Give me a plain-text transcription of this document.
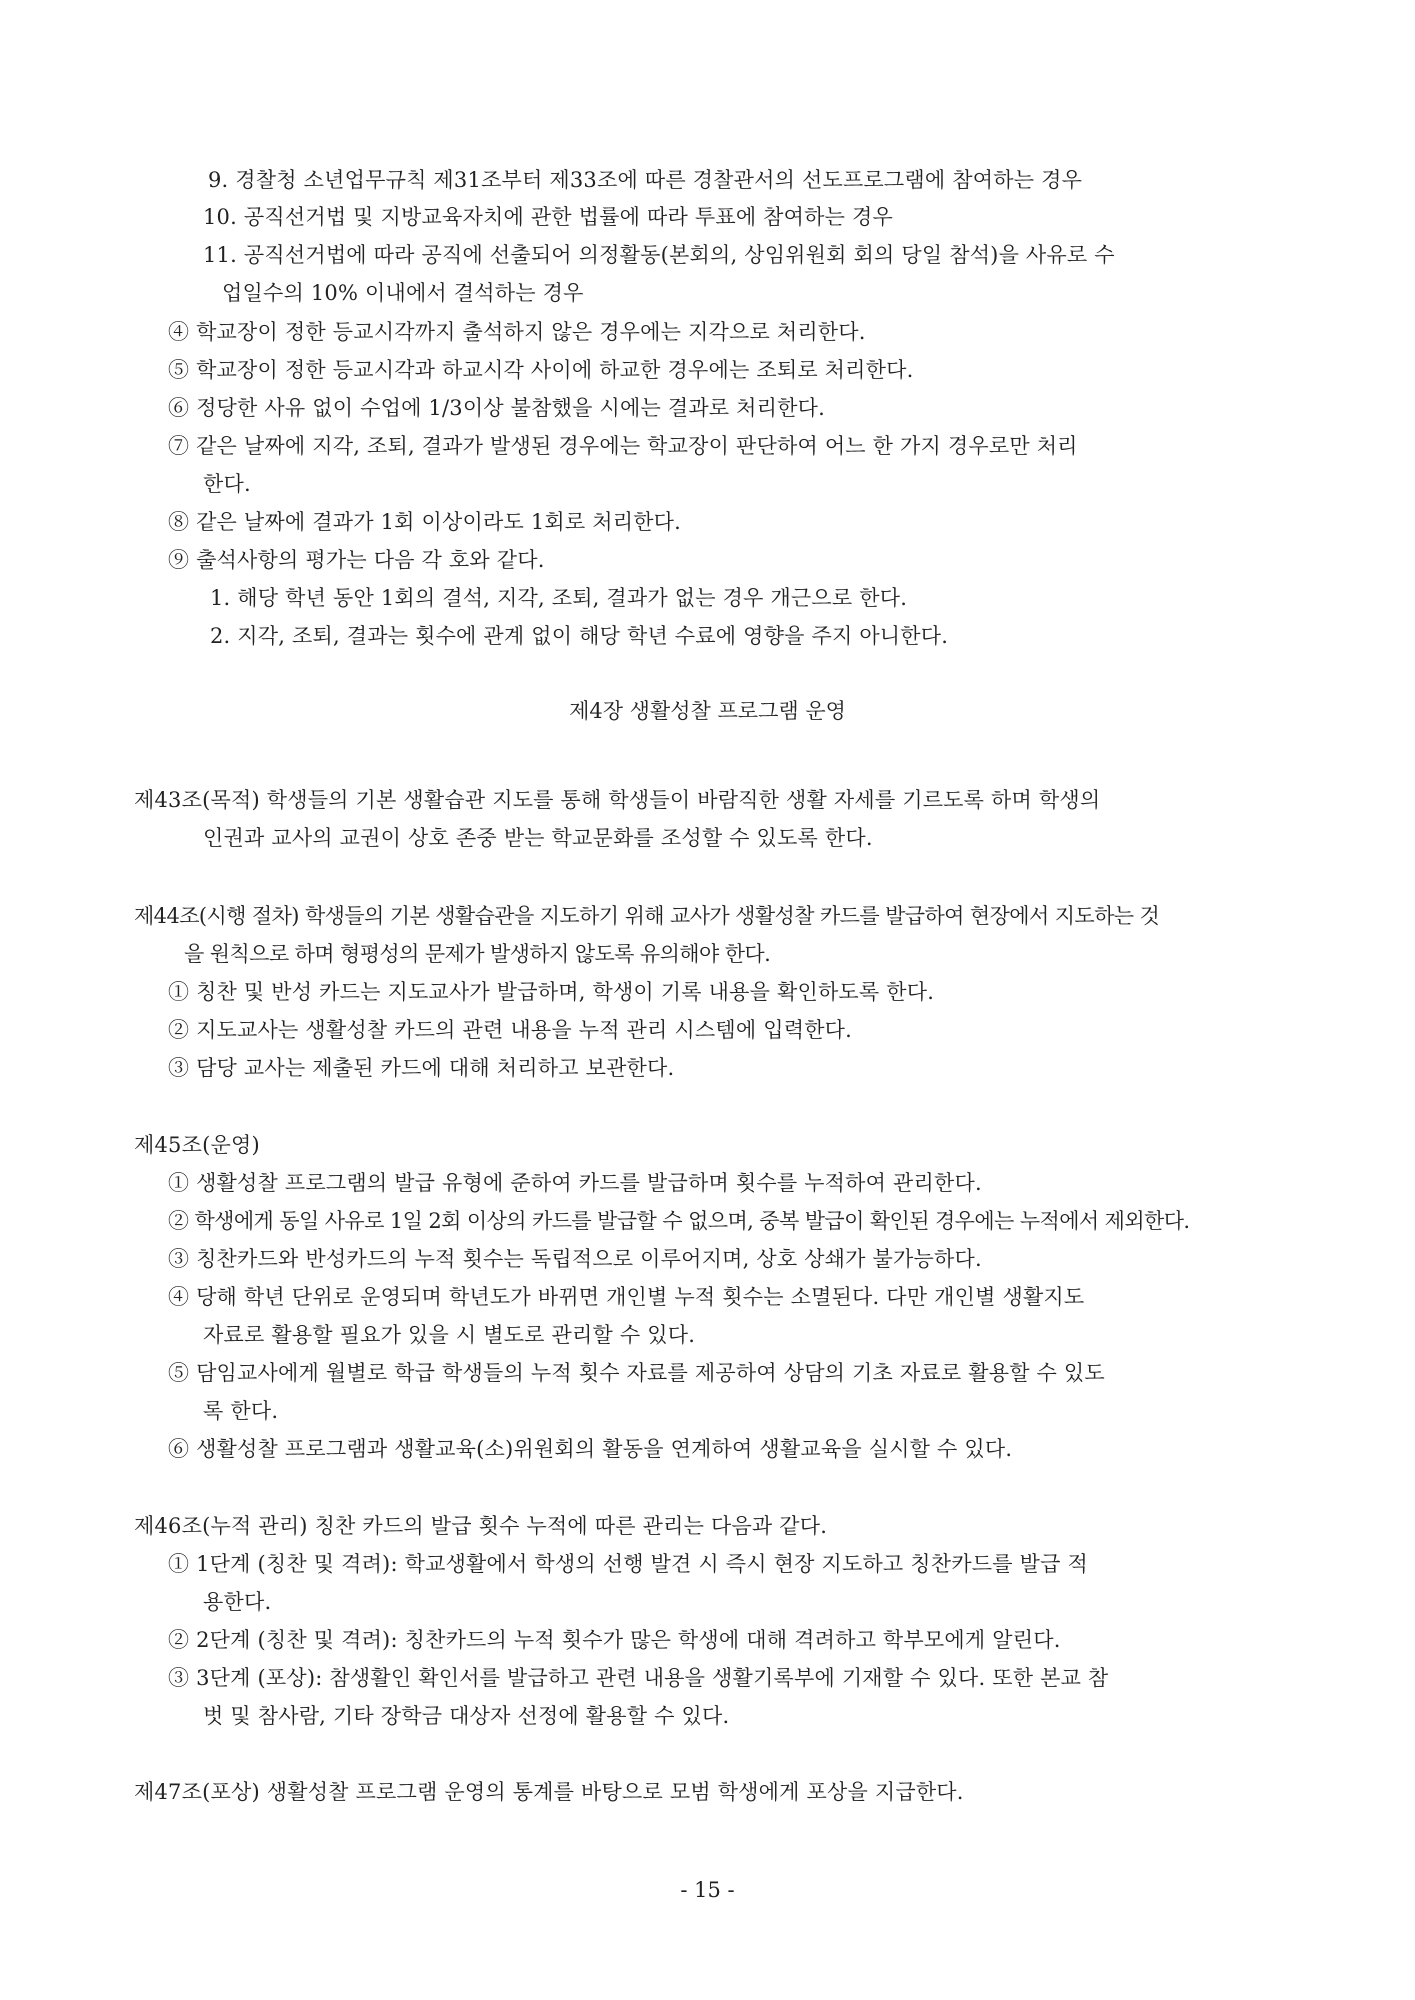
9. 경찰청 소년업무규칙 제31조부터 제33조에 따른 경찰관서의 선도프로그램에 참여하는 경우
10. 공직선거법 및 지방교육자치에 관한 법률에 따라 투표에 참여하는 경우
11. 공직선거법에 따라 공직에 선출되어 의정활동(본회의, 상임위원회 회의 당일 참석)을 사유로 수
업일수의 10% 이내에서 결석하는 경우
④ 학교장이 정한 등교시각까지 출석하지 않은 경우에는 지각으로 처리한다.
⑤ 학교장이 정한 등교시각과 하교시각 사이에 하교한 경우에는 조퇴로 처리한다.
⑥ 정당한 사유 없이 수업에 1/3이상 불참했을 시에는 결과로 처리한다.
⑦ 같은 날짜에 지각, 조퇴, 결과가 발생된 경우에는 학교장이 판단하여 어느 한 가지 경우로만 처리
한다.
⑧ 같은 날짜에 결과가 1회 이상이라도 1회로 처리한다.
⑨ 출석사항의 평가는 다음 각 호와 같다.
1. 해당 학년 동안 1회의 결석, 지각, 조퇴, 결과가 없는 경우 개근으로 한다.
2. 지각, 조퇴, 결과는 횟수에 관계 없이 해당 학년 수료에 영향을 주지 아니한다.
제4장 생활성찰 프로그램 운영
제43조(목적) 학생들의 기본 생활습관 지도를 통해 학생들이 바람직한 생활 자세를 기르도록 하며 학생의
인권과 교사의 교권이 상호 존중 받는 학교문화를 조성할 수 있도록 한다.
제44조(시행 절차) 학생들의 기본 생활습관을 지도하기 위해 교사가 생활성찰 카드를 발급하여 현장에서 지도하는 것
을 원칙으로 하며 형평성의 문제가 발생하지 않도록 유의해야 한다.
① 칭찬 및 반성 카드는 지도교사가 발급하며, 학생이 기록 내용을 확인하도록 한다.
② 지도교사는 생활성찰 카드의 관련 내용을 누적 관리 시스템에 입력한다.
③ 담당 교사는 제출된 카드에 대해 처리하고 보관한다.
제45조(운영)
① 생활성찰 프로그램의 발급 유형에 준하여 카드를 발급하며 횟수를 누적하여 관리한다.
② 학생에게 동일 사유로 1일 2회 이상의 카드를 발급할 수 없으며, 중복 발급이 확인된 경우에는 누적에서 제외한다.
③ 칭찬카드와 반성카드의 누적 횟수는 독립적으로 이루어지며, 상호 상쇄가 불가능하다.
④ 당해 학년 단위로 운영되며 학년도가 바뀌면 개인별 누적 횟수는 소멸된다. 다만 개인별 생활지도
자료로 활용할 필요가 있을 시 별도로 관리할 수 있다.
⑤ 담임교사에게 월별로 학급 학생들의 누적 횟수 자료를 제공하여 상담의 기초 자료로 활용할 수 있도
록 한다.
⑥ 생활성찰 프로그램과 생활교육(소)위원회의 활동을 연계하여 생활교육을 실시할 수 있다.
제46조(누적 관리) 칭찬 카드의 발급 횟수 누적에 따른 관리는 다음과 같다.
① 1단계 (칭찬 및 격려): 학교생활에서 학생의 선행 발견 시 즉시 현장 지도하고 칭찬카드를 발급 적
용한다.
② 2단계 (칭찬 및 격려): 칭찬카드의 누적 횟수가 많은 학생에 대해 격려하고 학부모에게 알린다.
③ 3단계 (포상): 참생활인 확인서를 발급하고 관련 내용을 생활기록부에 기재할 수 있다. 또한 본교 참
벗 및 참사람, 기타 장학금 대상자 선정에 활용할 수 있다.
제47조(포상) 생활성찰 프로그램 운영의 통계를 바탕으로 모범 학생에게 포상을 지급한다.
- 15 -
